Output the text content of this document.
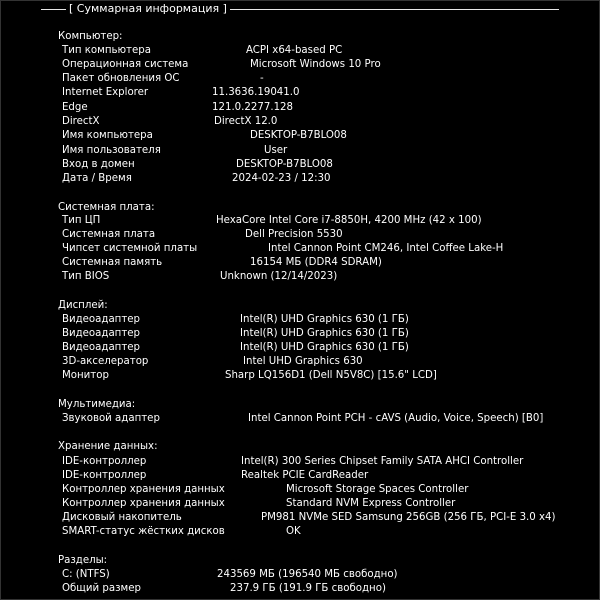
[ Суммарная информация ]
Компьютер:
Тип компьютера	ACPI x64-based PC
Операционная система	Microsoft Windows 10 Pro
Пакет обновления ОС	-
Internet Explorer	11.3636.19041.0
Edge	121.0.2277.128
DirectX	DirectX 12.0
Имя компьютера	DESKTOP-B7BLO08
Имя пользователя	User
Вход в домен	DESKTOP-B7BLO08
Дата / Время	2024-02-23 / 12:30
Системная плата:
Тип ЦП	HexaCore Intel Core i7-8850H, 4200 MHz (42 x 100)
Системная плата	Dell Precision 5530
Чипсет системной платы	Intel Cannon Point CM246, Intel Coffee Lake-H
Системная память	16154 МБ (DDR4 SDRAM)
Тип BIOS	Unknown (12/14/2023)
Дисплей:
Видеоадаптер	Intel(R) UHD Graphics 630 (1 ГБ)
Видеоадаптер	Intel(R) UHD Graphics 630 (1 ГБ)
Видеоадаптер	Intel(R) UHD Graphics 630 (1 ГБ)
3D-акселератор	Intel UHD Graphics 630
Монитор	Sharp LQ156D1 (Dell N5V8C) [15.6" LCD]
Мультимедиа:
Звуковой адаптер	Intel Cannon Point PCH - cAVS (Audio, Voice, Speech) [B0]
Хранение данных:
IDE-контроллер	Intel(R) 300 Series Chipset Family SATA AHCI Controller
IDE-контроллер	Realtek PCIE CardReader
Контроллер хранения данных	Microsoft Storage Spaces Controller
Контроллер хранения данных	Standard NVM Express Controller
Дисковый накопитель	PM981 NVMe SED Samsung 256GB (256 ГБ, PCI-E 3.0 x4)
SMART-статус жёстких дисков	OK
Разделы:
C: (NTFS)	243569 МБ (196540 МБ свободно)
Общий размер	237.9 ГБ (191.9 ГБ свободно)
